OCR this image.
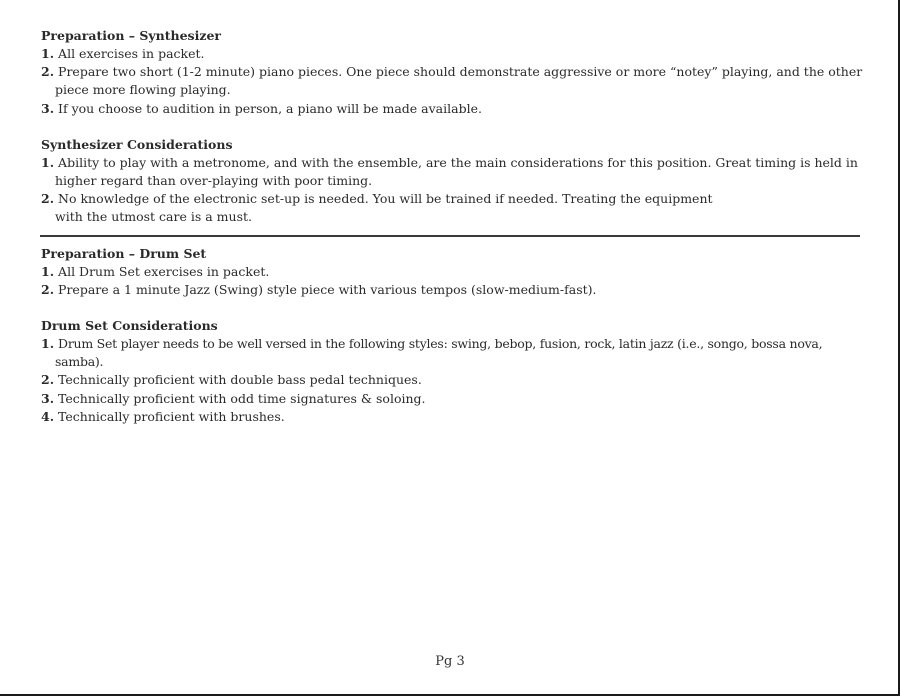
Preparation – Synthesizer

1. All exercises in packet.
2. Prepare two short (1-2 minute) piano pieces. One piece should demonstrate aggressive or more “notey” playing, and the other piece more flowing playing.
3. If you choose to audition in person, a piano will be made available.

Synthesizer Considerations

1. Ability to play with a metronome, and with the ensemble, are the main considerations for this position. Great timing is held in higher regard than over-playing with poor timing.
2. No knowledge of the electronic set-up is needed. You will be trained if needed. Treating the equipment with the utmost care is a must.

Preparation – Drum Set

1. All Drum Set exercises in packet.
2. Prepare a 1 minute Jazz (Swing) style piece with various tempos (slow-medium-fast).

Drum Set Considerations

1. Drum Set player needs to be well versed in the following styles: swing, bebop, fusion, rock, latin jazz (i.e., songo, bossa nova, samba).
2. Technically proficient with double bass pedal techniques.
3. Technically proficient with odd time signatures & soloing.
4. Technically proficient with brushes.
Pg 3
